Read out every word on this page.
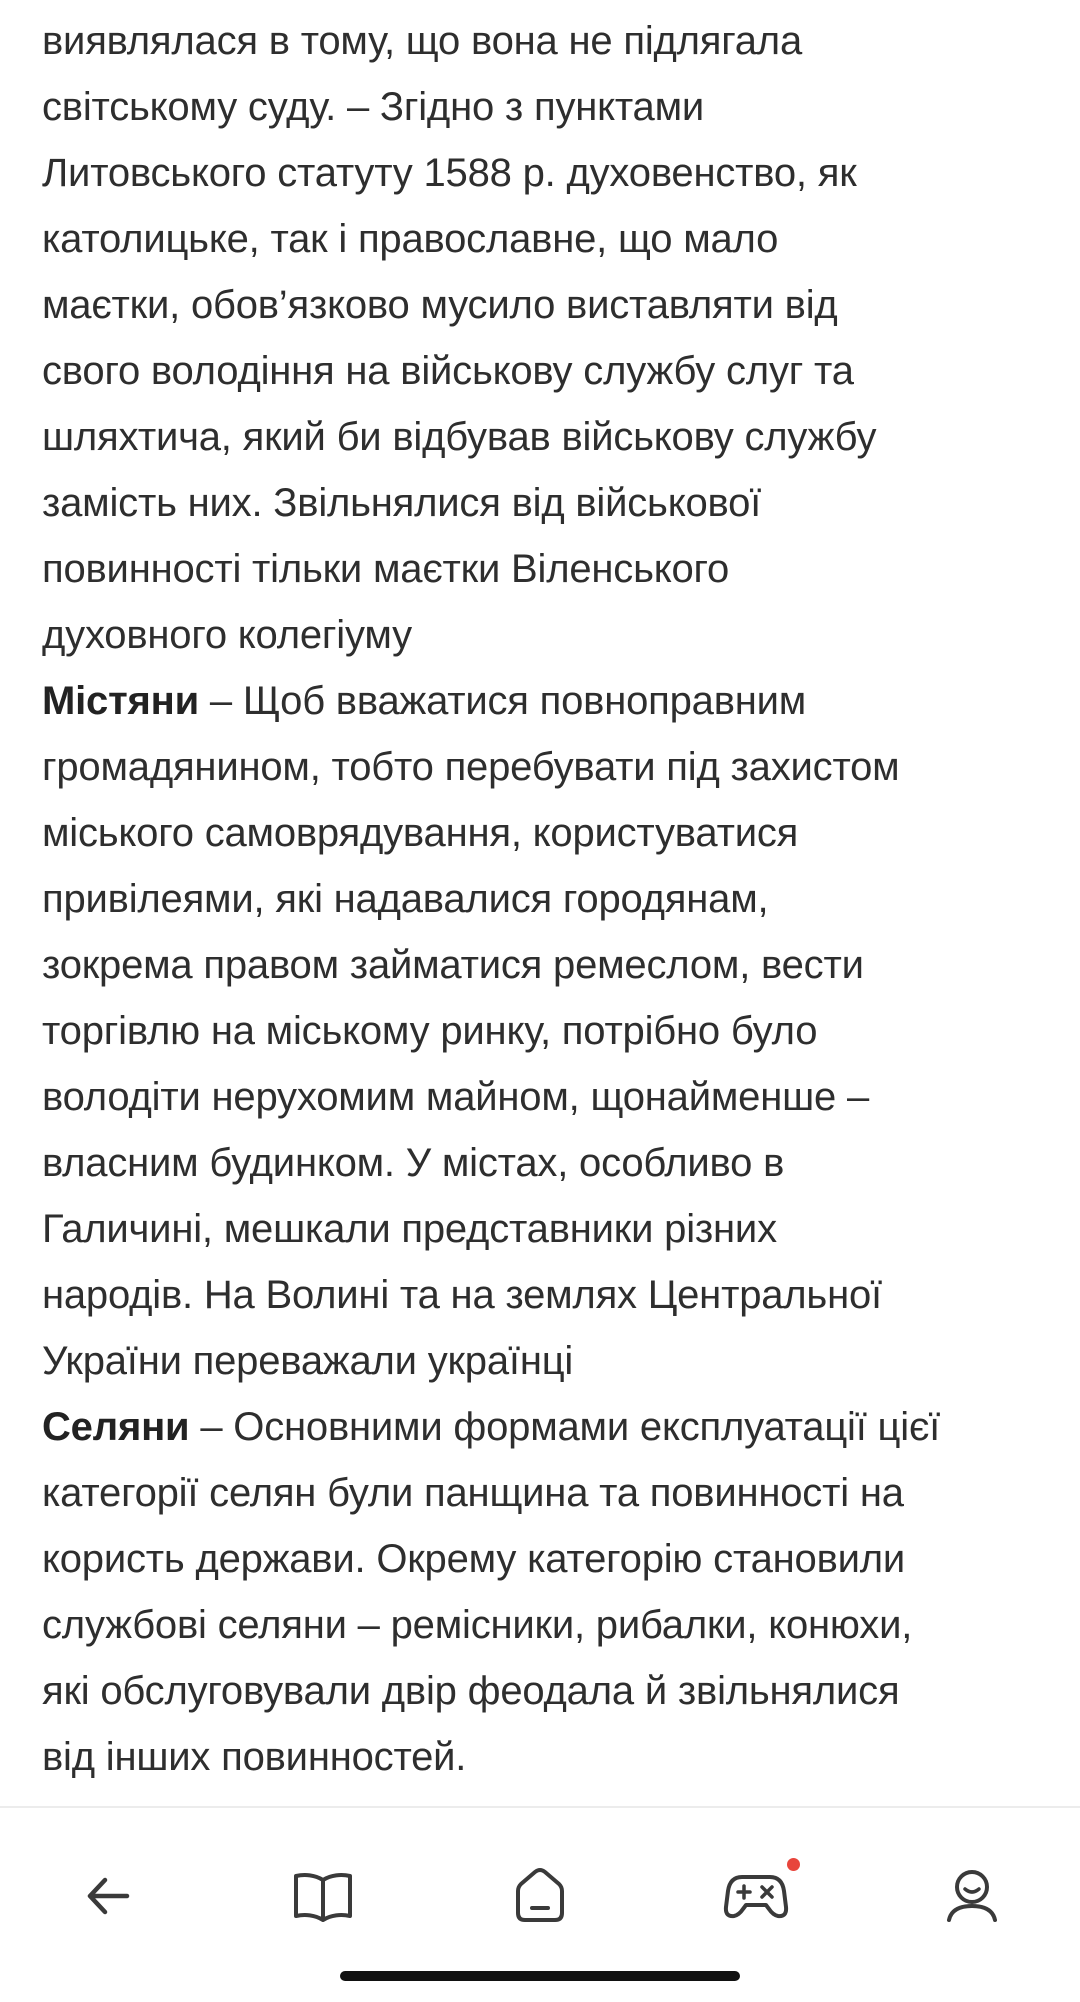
виявлялася в тому, що вона не підлягала
світському суду. – Згідно з пунктами
Литовського статуту 1588 р. духовенство, як
католицьке, так і православне, що мало
маєтки, обов’язково мусило виставляти від
свого володіння на військову службу слуг та
шляхтича, який би відбував військову службу
замість них. Звільнялися від військової
повинності тільки маєтки Віленського
духовного колегіуму

Містяни – Щоб вважатися повноправним
громадянином, тобто перебувати під захистом
міського самоврядування, користуватися
привілеями, які надавалися городянам,
зокрема правом займатися ремеслом, вести
торгівлю на міському ринку, потрібно було
володіти нерухомим майном, щонайменше –
власним будинком. У містах, особливо в
Галичині, мешкали представники різних
народів. На Волині та на землях Центральної
України переважали українці

Селяни – Основними формами експлуатації цієї
категорії селян були панщина та повинності на
користь держави. Окрему категорію становили
службові селяни – ремісники, рибалки, конюхи,
які обслуговували двір феодала й звільнялися
від інших повинностей.
